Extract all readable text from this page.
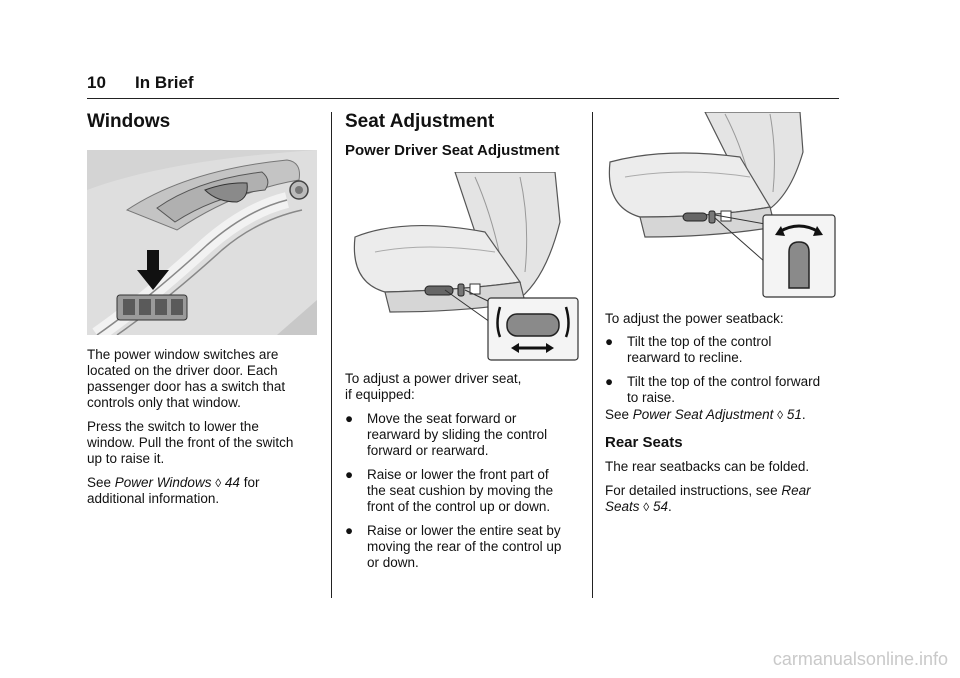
10 In Brief
Windows
The power window switches are
located on the driver door. Each
passenger door has a switch that
controls only that window.
Press the switch to lower the
window. Pull the front of the switch
up to raise it.
See Power Windows ◊ 44 for
additional information.
Seat Adjustment
Power Driver Seat Adjustment
To adjust a power driver seat,
if equipped:
● Move the seat forward or
rearward by sliding the control
forward or rearward.
● Raise or lower the front part of
the seat cushion by moving the
front of the control up or down.
● Raise or lower the entire seat by
moving the rear of the control up
or down.
To adjust the power seatback:
● Tilt the top of the control
rearward to recline.
● Tilt the top of the control forward
to raise.
See Power Seat Adjustment ◊ 51.
Rear Seats
The rear seatbacks can be folded.
For detailed instructions, see Rear
Seats ◊ 54.
carmanualsonline.info
